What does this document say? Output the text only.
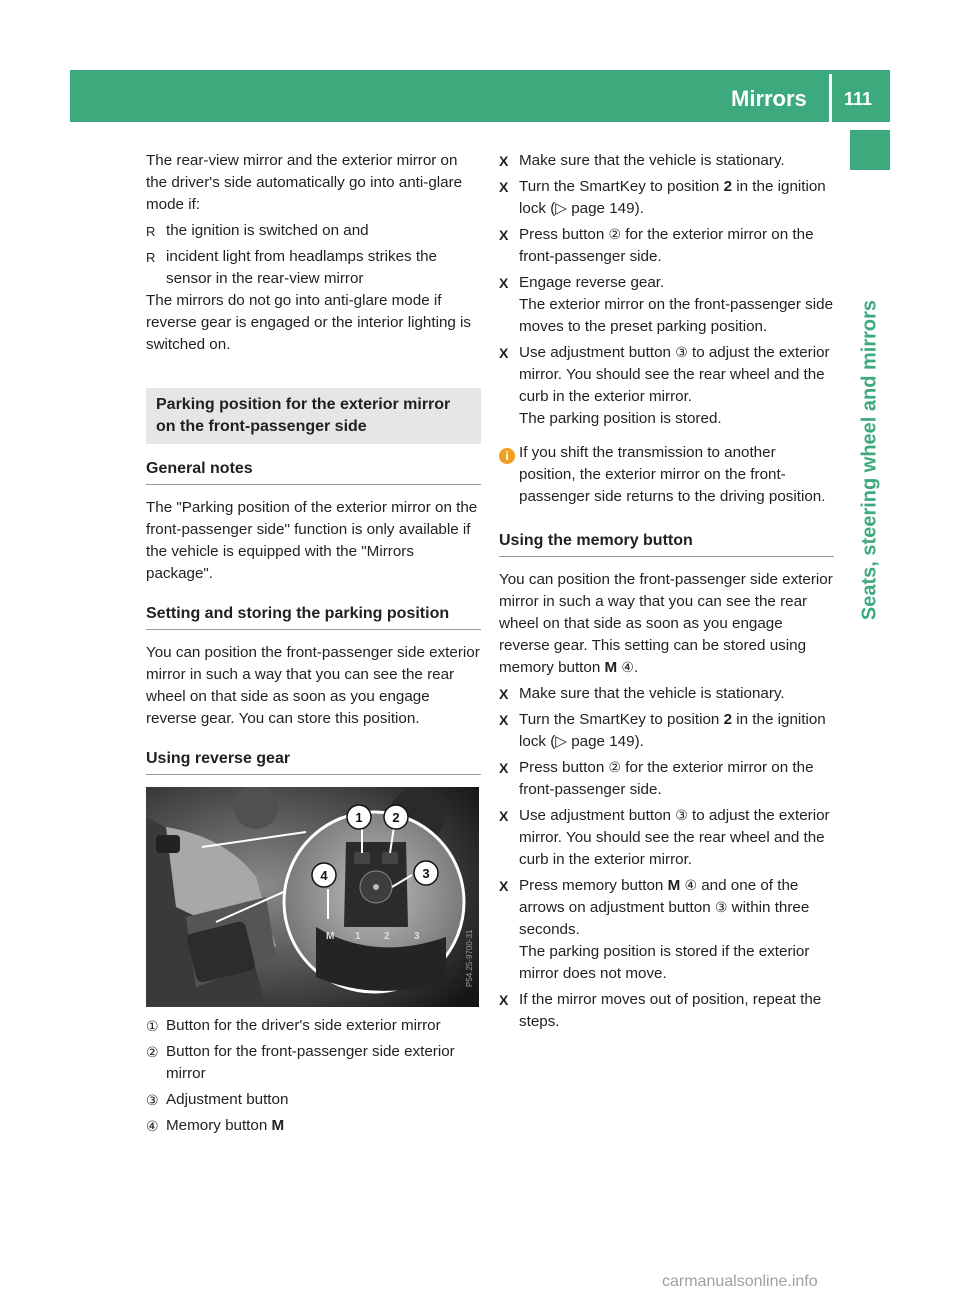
Mirrors 111
Seats, steering wheel and mirrors

The rear-view mirror and the exterior mirror on the driver's side automatically go into anti-glare mode if:

R the ignition is switched on and
R incident light from headlamps strikes the sensor in the rear-view mirror

The mirrors do not go into anti-glare mode if reverse gear is engaged or the interior lighting is switched on.

Parking position for the exterior mirror on the front-passenger side
General notes

The "Parking position of the exterior mirror on the front-passenger side" function is only available if the vehicle is equipped with the "Mirrors package".

Setting and storing the parking position

You can position the front-passenger side exterior mirror in such a way that you can see the rear wheel on that side as soon as you engage reverse gear. You can store this position.

Using reverse gear
M 1 2 3
1 2
3
4
P54.25-9700-31
① Button for the driver's side exterior mirror
② Button for the front-passenger side exterior mirror
③ Adjustment button
④ Memory button M
X Make sure that the vehicle is stationary.
X Turn the SmartKey to position 2 in the ignition lock (▷ page 149).
X Press button ② for the exterior mirror on the front-passenger side.
X Engage reverse gear.
The exterior mirror on the front-passenger side moves to the preset parking position.
X Use adjustment button ③ to adjust the exterior mirror. You should see the rear wheel and the curb in the exterior mirror.
The parking position is stored.
i If you shift the transmission to another position, the exterior mirror on the front-passenger side returns to the driving position.
Using the memory button

You can position the front-passenger side exterior mirror in such a way that you can see the rear wheel on that side as soon as you engage reverse gear. This setting can be stored using memory button M ④.

X Make sure that the vehicle is stationary.
X Turn the SmartKey to position 2 in the ignition lock (▷ page 149).
X Press button ② for the exterior mirror on the front-passenger side.
X Use adjustment button ③ to adjust the exterior mirror. You should see the rear wheel and the curb in the exterior mirror.
X Press memory button M ④ and one of the arrows on adjustment button ③ within three seconds.
The parking position is stored if the exterior mirror does not move.
X If the mirror moves out of position, repeat the steps.
carmanualsonline.info
